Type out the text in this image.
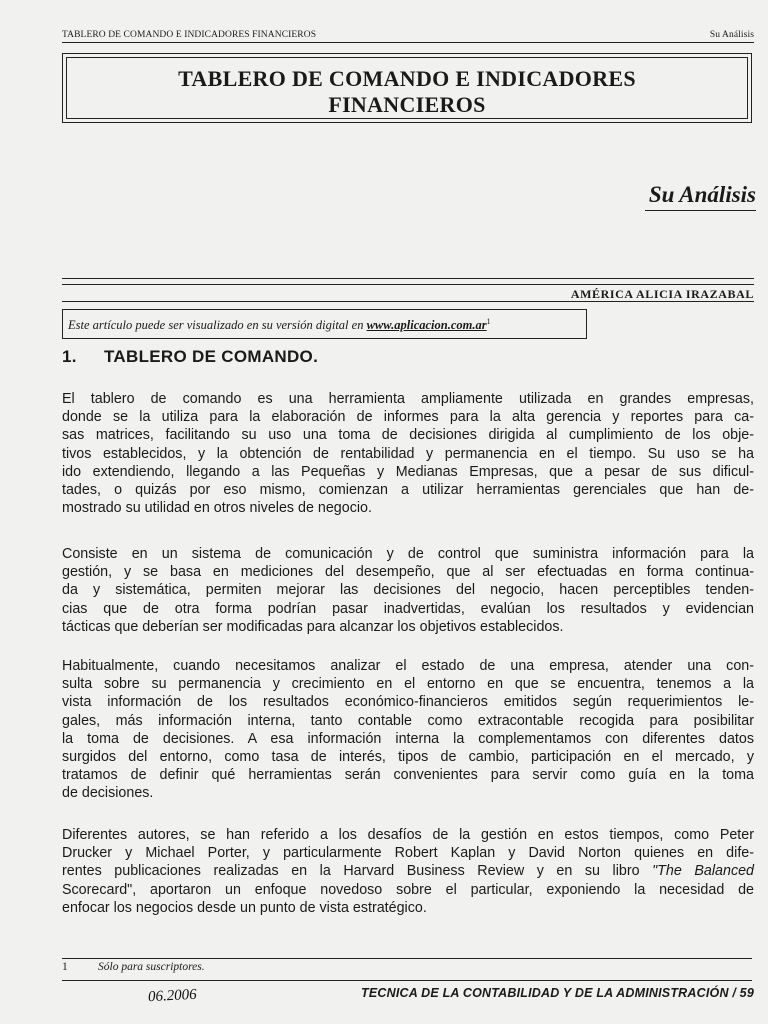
TABLERO DE COMANDO E INDICADORES FINANCIEROS	Su Análisis
TABLERO DE COMANDO E INDICADORES
FINANCIEROS
Su Análisis
AMÉRICA ALICIA IRAZABAL
Este artículo puede ser visualizado en su versión digital en $www.aplicacion.com.ar^1$
1. TABLERO DE COMANDO.
El tablero de comando es una herramienta ampliamente utilizada en grandes empresas,
donde se la utiliza para la elaboración de informes para la alta gerencia y reportes para ca-
sas matrices, facilitando su uso una toma de decisiones dirigida al cumplimiento de los obje-
tivos establecidos, y la obtención de rentabilidad y permanencia en el tiempo. Su uso se ha
ido extendiendo, llegando a las Pequeñas y Medianas Empresas, que a pesar de sus dificul-
tades, o quizás por eso mismo, comienzan a utilizar herramientas gerenciales que han de-
mostrado su utilidad en otros niveles de negocio.
Consiste en un sistema de comunicación y de control que suministra información para la
gestión, y se basa en mediciones del desempeño, que al ser efectuadas en forma continua-
da y sistemática, permiten mejorar las decisiones del negocio, hacen perceptibles tenden-
cias que de otra forma podrían pasar inadvertidas, evalúan los resultados y evidencian
tácticas que deberían ser modificadas para alcanzar los objetivos establecidos.
Habitualmente, cuando necesitamos analizar el estado de una empresa, atender una con-
sulta sobre su permanencia y crecimiento en el entorno en que se encuentra, tenemos a la
vista información de los resultados económico-financieros emitidos según requerimientos le-
gales, más información interna, tanto contable como extracontable recogida para posibilitar
la toma de decisiones. A esa información interna la complementamos con diferentes datos
surgidos del entorno, como tasa de interés, tipos de cambio, participación en el mercado, y
tratamos de definir qué herramientas serán convenientes para servir como guía en la toma
de decisiones.
Diferentes autores, se han referido a los desafíos de la gestión en estos tiempos, como Peter
Drucker y Michael Porter, y particularmente Robert Kaplan y David Norton quienes en dife-
rentes publicaciones realizadas en la Harvard Business Review y en su libro "The Balanced
Scorecard", aportaron un enfoque novedoso sobre el particular, exponiendo la necesidad de
enfocar los negocios desde un punto de vista estratégico.
1	Sólo para suscriptores.
06.2006	TECNICA DE LA CONTABILIDAD Y DE LA ADMINISTRACIÓN / 59
